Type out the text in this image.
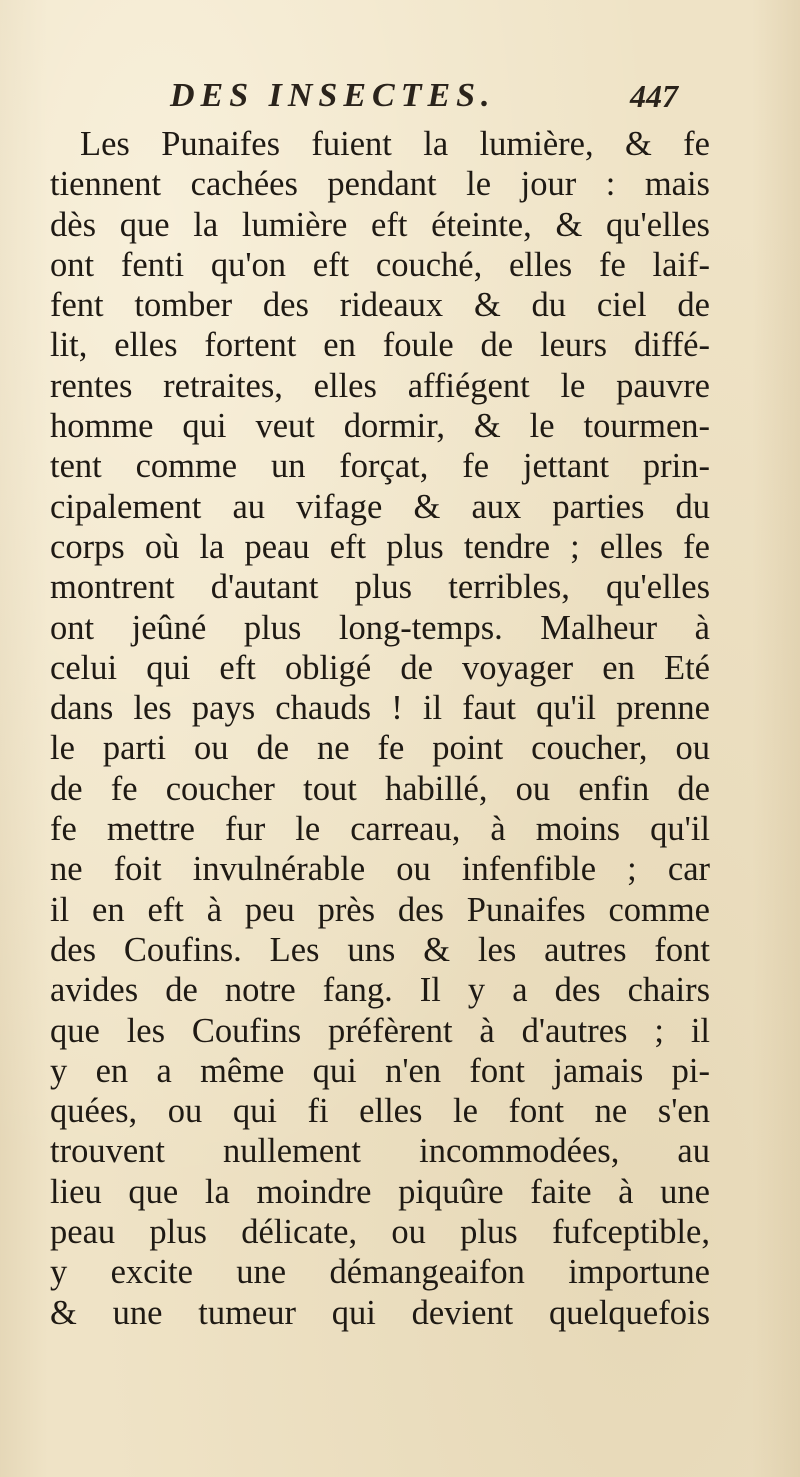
DES INSECTES.	447
Les Punaifes fuient la lumière, & fe
tiennent cachées pendant le jour : mais
dès que la lumière eft éteinte, & qu'elles
ont fenti qu'on eft couché, elles fe laif-
fent tomber des rideaux & du ciel de
lit, elles fortent en foule de leurs diffé-
rentes retraites, elles affiégent le pauvre
homme qui veut dormir, & le tourmen-
tent comme un forçat, fe jettant prin-
cipalement au vifage & aux parties du
corps où la peau eft plus tendre ; elles fe
montrent d'autant plus terribles, qu'elles
ont jeûné plus long-temps. Malheur à
celui qui eft obligé de voyager en Eté
dans les pays chauds ! il faut qu'il prenne
le parti ou de ne fe point coucher, ou
de fe coucher tout habillé, ou enfin de
fe mettre fur le carreau, à moins qu'il
ne foit invulnérable ou infenfible ; car
il en eft à peu près des Punaifes comme
des Coufins. Les uns & les autres font
avides de notre fang. Il y a des chairs
que les Coufins préfèrent à d'autres ; il
y en a même qui n'en font jamais pi-
quées, ou qui fi elles le font ne s'en
trouvent nullement incommodées, au
lieu que la moindre piquûre faite à une
peau plus délicate, ou plus fufceptible,
y excite une démangeaifon importune
& une tumeur qui devient quelquefois
